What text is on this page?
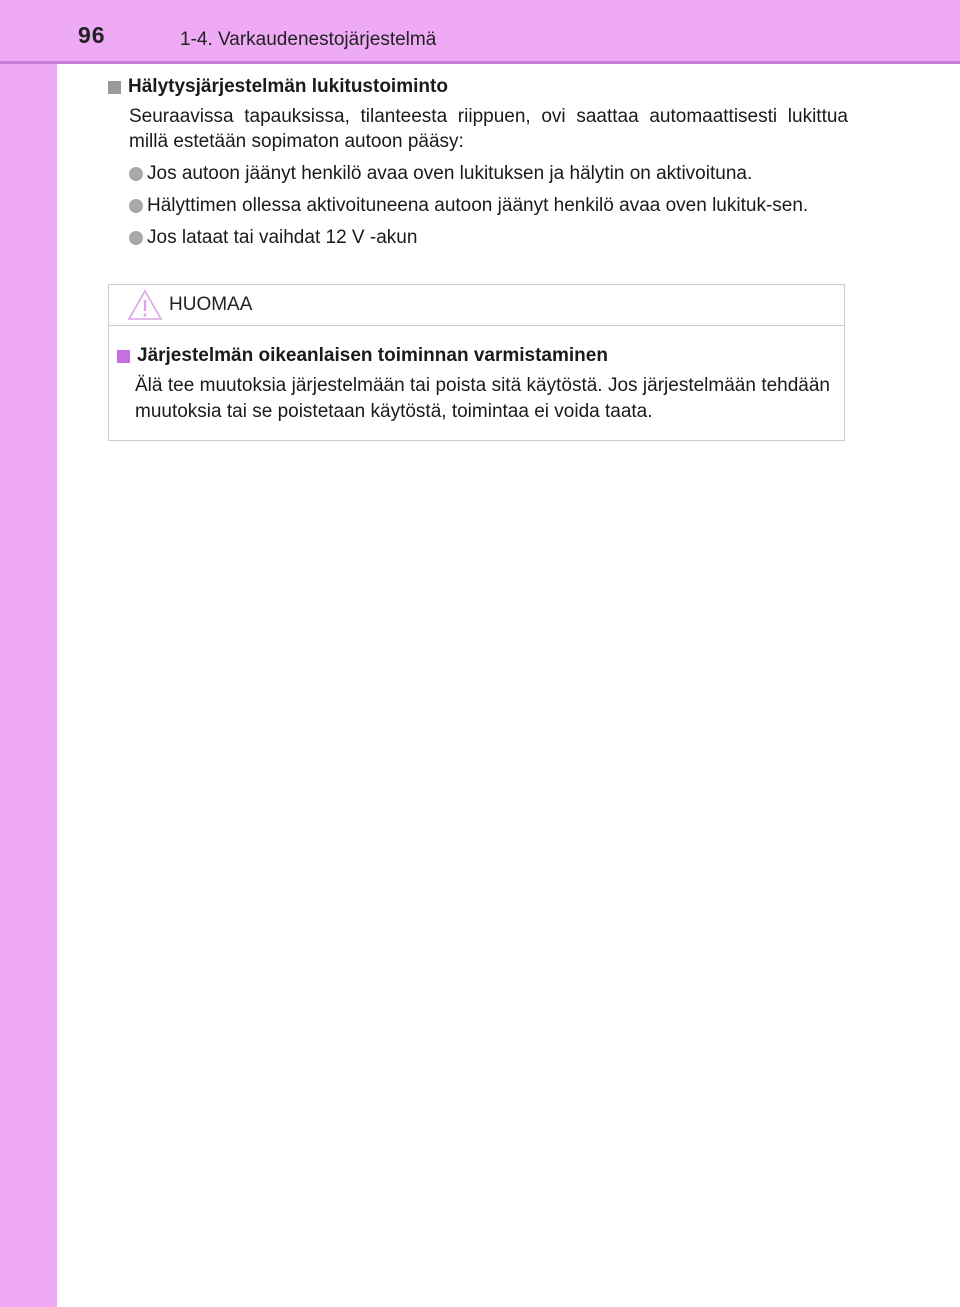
96	1-4. Varkaudenestojärjestelmä
Hälytysjärjestelmän lukitustoiminto
Seuraavissa tapauksissa, tilanteesta riippuen, ovi saattaa automaattisesti lukittua millä estetään sopimaton autoon pääsy:
Jos autoon jäänyt henkilö avaa oven lukituksen ja hälytin on aktivoituna.
Hälyttimen ollessa aktivoituneena autoon jäänyt henkilö avaa oven lukituk-sen.
Jos lataat tai vaihdat 12 V -akun
HUOMAA
Järjestelmän oikeanlaisen toiminnan varmistaminen
Älä tee muutoksia järjestelmään tai poista sitä käytöstä. Jos järjestelmään tehdään muutoksia tai se poistetaan käytöstä, toimintaa ei voida taata.
